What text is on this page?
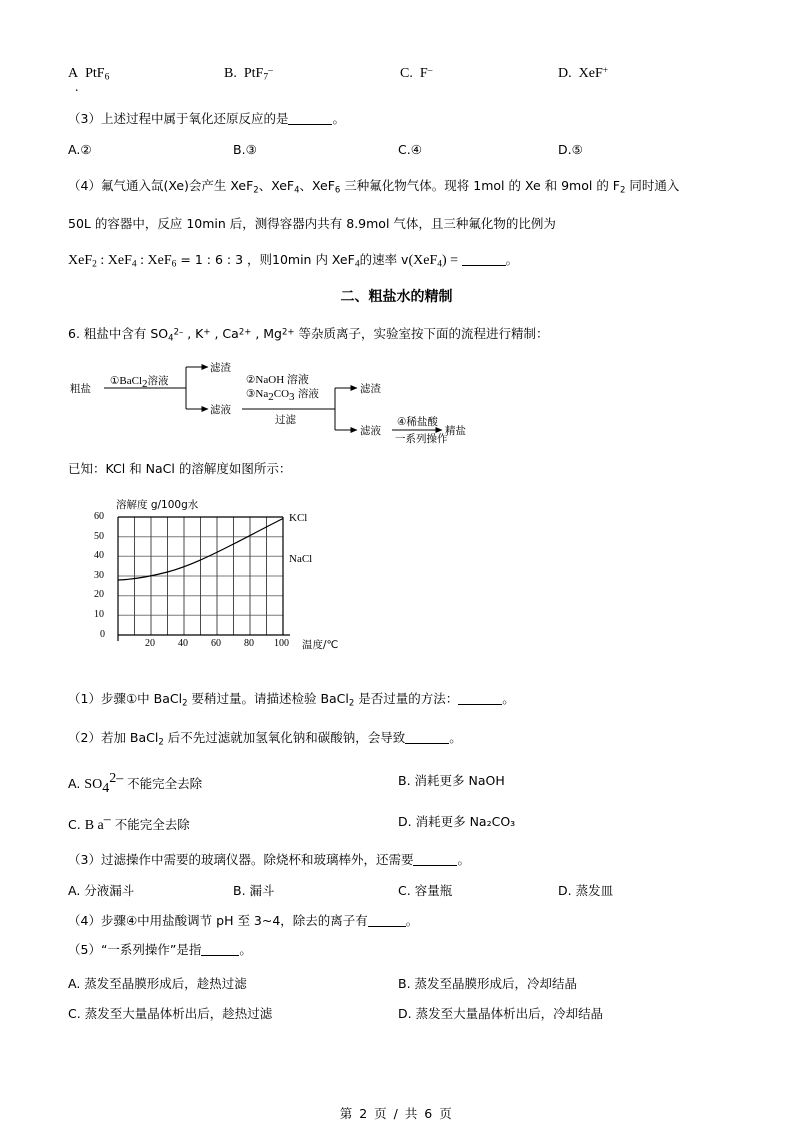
A PtF$_6$
.
B. PtF$_7$–	C. F–	D. XeF+
（3）上述过程中属于氧化还原反应的是	。
A.②	B.③	C.④	D.⑤
（4）氟气通入氙(Xe)会产生 XeF$_2$、XeF$_4$、XeF$_6$ 三种氟化物气体。现将 1mol 的 Xe 和 9mol 的 $F_2$ 同时通入
50L 的容器中，反应 10min 后，测得容器内共有 8.9mol 气体，且三种氟化物的比例为
XeF$_2$ : XeF$_4$ : XeF$_6$ = 1 : 6 : 3 ，则10min 内 XeF$_4$的速率 v(XeF$_4$) =	。
二、粗盐水的精制
6. 粗盐中含有 $SO_4^{2-}$ , K+ , $Ca^{2+}$ , $Mg^{2+}$ 等杂质离子，实验室按下面的流程进行精制：
粗盐
①BaCl$_2$溶液
滤渣
滤液
②NaOH 溶液
$③Na_2CO_3$ 溶液
过滤
滤渣
滤液
④稀盐酸
一系列操作
精盐
已知：KCl 和 NaCl 的溶解度如图所示：
60
50
40
30
20
10
0
20 40 60 80 100
溶解度 g/100g水
温度/℃
KCl
NaCl
（1）步骤①中 BaCl$_2$ 要稍过量。请描述检验 BaCl$_2$ 是否过量的方法：	。
（2）若加 BaCl$_2$ 后不先过滤就加氢氧化钠和碳酸钠，会导致	。
A. $SO_4^{2-}$ 不能完全去除	B. 消耗更多 NaOH
C. B a– 不能完全去除	D. 消耗更多 Na₂CO₃
（3）过滤操作中需要的玻璃仪器。除烧杯和玻璃棒外，还需要	。
A. 分液漏斗	B. 漏斗	C. 容量瓶	D. 蒸发皿
（4）步骤④中用盐酸调节 pH 至 3~4，除去的离子有	。
（5）“一系列操作”是指	。
A. 蒸发至晶膜形成后，趁热过滤	B. 蒸发至晶膜形成后，冷却结晶
C. 蒸发至大量晶体析出后，趁热过滤	D. 蒸发至大量晶体析出后，冷却结晶
第 2 页 / 共 6 页
